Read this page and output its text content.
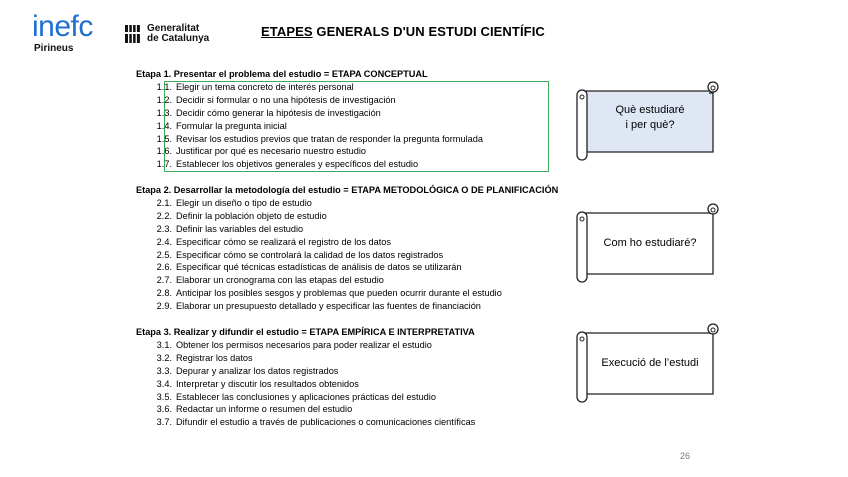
inefc
Pirineus
Generalitat
de Catalunya	ETAPES GENERALS D'UN ESTUDI CIENTÍFIC
Etapa 1. Presentar el problema del estudio = ETAPA CONCEPTUAL
1.1. Elegir un tema concreto de interés personal
1.2. Decidir si formular o no una hipótesis de investigación
1.3. Decidir cómo generar la hipótesis de investigación
1.4. Formular la pregunta inicial
1.5. Revisar los estudios previos que tratan de responder la pregunta formulada
1.6. Justificar por qué es necesario nuestro estudio
1.7. Establecer los objetivos generales y específicos del estudio
Etapa 2. Desarrollar la metodología del estudio = ETAPA METODOLÓGICA O DE PLANIFICACIÓN
2.1. Elegir un diseño o tipo de estudio
2.2. Definir la población objeto de estudio
2.3. Definir las variables del estudio
2.4. Especificar cómo se realizará el registro de los datos
2.5. Especificar cómo se controlará la calidad de los datos registrados
2.6. Especificar qué técnicas estadísticas de análisis de datos se utilizarán
2.7. Elaborar un cronograma con las etapas del estudio
2.8. Anticipar los posibles sesgos y problemas que pueden ocurrir durante el estudio
2.9. Elaborar un presupuesto detallado y especificar las fuentes de financiación
Etapa 3. Realizar y difundir el estudio = ETAPA EMPÍRICA E INTERPRETATIVA
3.1. Obtener los permisos necesarios para poder realizar el estudio
3.2. Registrar los datos
3.3. Depurar y analizar los datos registrados
3.4. Interpretar y discutir los resultados obtenidos
3.5. Establecer las conclusiones y aplicaciones prácticas del estudio
3.6. Redactar un informe o resumen del estudio
3.7. Difundir el estudio a través de publicaciones o comunicaciones científicas
Què estudiaré
i per què?
Com ho estudiaré?
Execució de l’estudi
26
